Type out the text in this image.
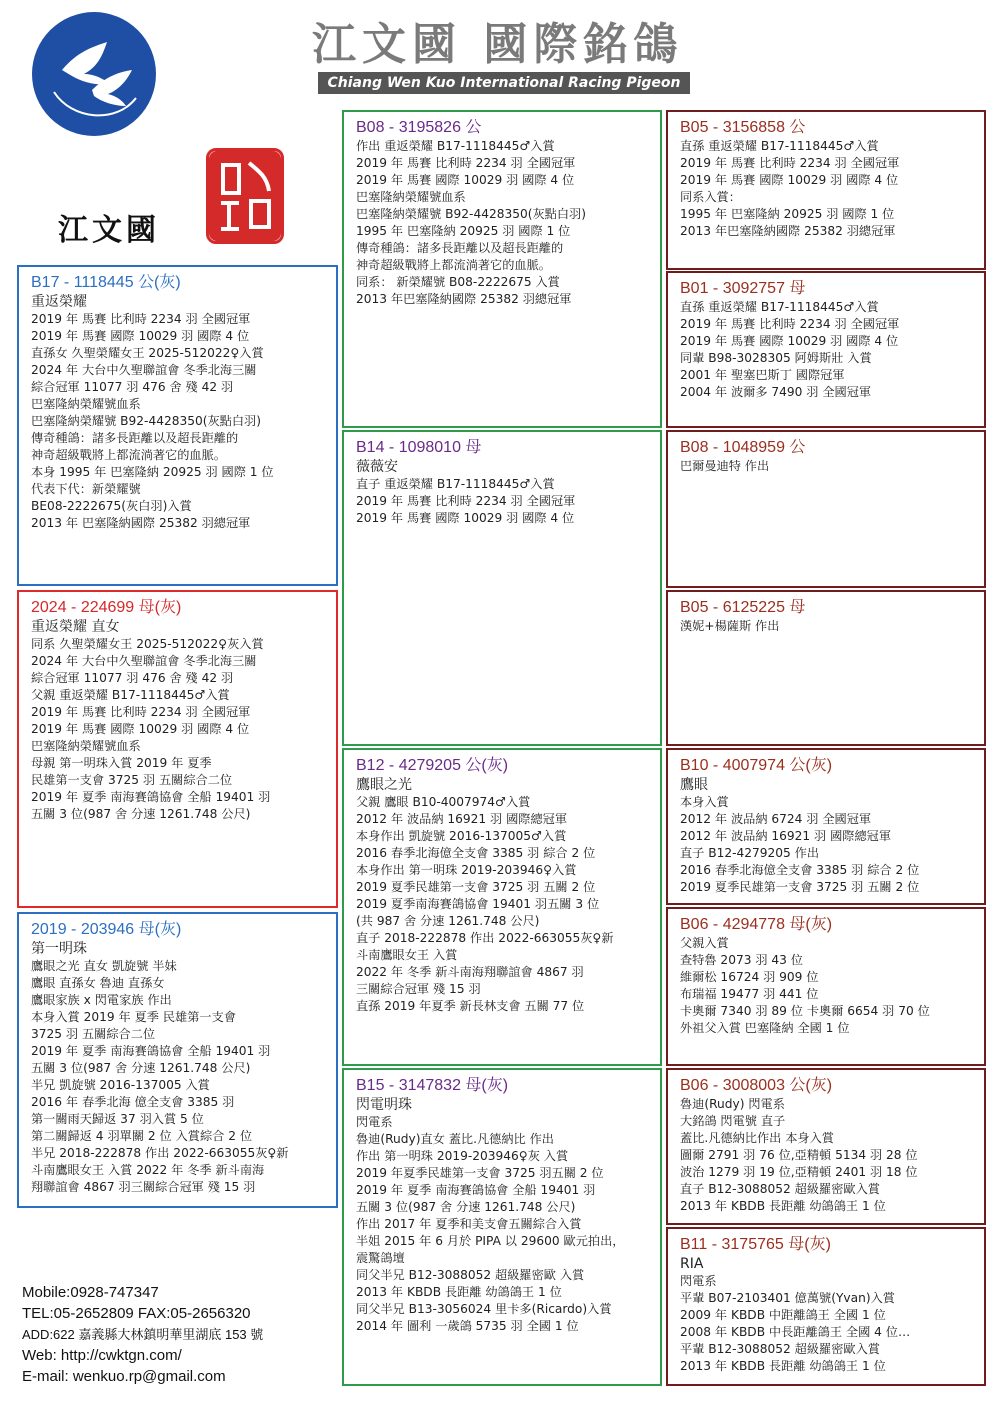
江文國 國際銘鴿
Chiang Wen Kuo International Racing Pigeon
江文國
B17 - 1118445 公(灰)
重返榮耀
2019 年 馬賽 比利時 2234 羽 全國冠軍
2019 年 馬賽 國際 10029 羽 國際 4 位
直孫女 久聖榮耀女王 2025-512022♀入賞
2024 年 大台中久聖聯誼會 冬季北海三關
綜合冠軍 11077 羽 476 舍 殘 42 羽
巴塞隆納榮耀號血系
巴塞隆納榮耀號 B92-4428350(灰點白羽)
傳奇種鴿：諸多長距離以及超長距離的
神奇超級戰將上都流淌著它的血脈。
本身 1995 年 巴塞隆納 20925 羽 國際 1 位
代表下代：新榮耀號
BE08-2222675(灰白羽)入賞
2013 年 巴塞隆納國際 25382 羽總冠軍
2024 - 224699 母(灰)
重返榮耀 直女
同系 久聖榮耀女王 2025-512022♀灰入賞
2024 年 大台中久聖聯誼會 冬季北海三關
綜合冠軍 11077 羽 476 舍 殘 42 羽
父親 重返榮耀 B17-1118445♂入賞
2019 年 馬賽 比利時 2234 羽 全國冠軍
2019 年 馬賽 國際 10029 羽 國際 4 位
巴塞隆納榮耀號血系
母親 第一明珠入賞 2019 年 夏季
民雄第一支會 3725 羽 五關綜合二位
2019 年 夏季 南海賽鴿協會 全船 19401 羽
五關 3 位(987 舍 分速 1261.748 公尺)
2019 - 203946 母(灰)
第一明珠
鷹眼之光 直女 凱旋號 半妹
鷹眼 直孫女 魯迪 直孫女
鷹眼家族 x 閃電家族 作出
本身入賞 2019 年 夏季 民雄第一支會
3725 羽 五關綜合二位
2019 年 夏季 南海賽鴿協會 全船 19401 羽
五關 3 位(987 舍 分速 1261.748 公尺)
半兄 凱旋號 2016-137005 入賞
2016 年 春季北海 億全支會 3385 羽
第一關雨天歸返 37 羽入賞 5 位
第二關歸返 4 羽單關 2 位 入賞綜合 2 位
半兄 2018-222878 作出 2022-663055灰♀新
斗南鷹眼女王 入賞 2022 年 冬季 新斗南海
翔聯誼會 4867 羽三關綜合冠軍 殘 15 羽
Mobile:0928-747347
TEL:05-2652809 FAX:05-2656320
ADD:622 嘉義縣大林鎮明華里湖底 153 號
Web: http://cwktgn.com/
E-mail: wenkuo.rp@gmail.com
B08 - 3195826 公
作出 重返榮耀 B17-1118445♂入賞
2019 年 馬賽 比利時 2234 羽 全國冠軍
2019 年 馬賽 國際 10029 羽 國際 4 位
巴塞隆納榮耀號血系
巴塞隆納榮耀號 B92-4428350(灰點白羽)
1995 年 巴塞隆納 20925 羽 國際 1 位
傳奇種鴿：諸多長距離以及超長距離的
神奇超級戰將上都流淌著它的血脈。
同系： 新榮耀號 B08-2222675 入賞
2013 年巴塞隆納國際 25382 羽總冠軍
B14 - 1098010 母
薇薇安
直子 重返榮耀 B17-1118445♂入賞
2019 年 馬賽 比利時 2234 羽 全國冠軍
2019 年 馬賽 國際 10029 羽 國際 4 位
B12 - 4279205 公(灰)
鷹眼之光
父親 鷹眼 B10-4007974♂入賞
2012 年 波品納 16921 羽 國際總冠軍
本身作出 凱旋號 2016-137005♂入賞
2016 春季北海億全支會 3385 羽 綜合 2 位
本身作出 第一明珠 2019-203946♀入賞
2019 夏季民雄第一支會 3725 羽 五關 2 位
2019 夏季南海賽鴿協會 19401 羽五關 3 位
(共 987 舍 分速 1261.748 公尺)
直子 2018-222878 作出 2022-663055灰♀新
斗南鷹眼女王 入賞
2022 年 冬季 新斗南海翔聯誼會 4867 羽
三關綜合冠軍 殘 15 羽
直孫 2019 年夏季 新長林支會 五關 77 位
B15 - 3147832 母(灰)
閃電明珠
閃電系
魯迪(Rudy)直女 蓋比.凡德納比 作出
作出 第一明珠 2019-203946♀灰 入賞
2019 年夏季民雄第一支會 3725 羽五關 2 位
2019 年 夏季 南海賽鴿協會 全船 19401 羽
五關 3 位(987 舍 分速 1261.748 公尺)
作出 2017 年 夏季和美支會五關綜合入賞
半姐 2015 年 6 月於 PIPA 以 29600 歐元拍出，
震驚鴿壇
同父半兄 B12-3088052 超級羅密歐 入賞
2013 年 KBDB 長距離 幼鴿鴿王 1 位
同父半兄 B13-3056024 里卡多(Ricardo)入賞
2014 年 圖利 一歲鴿 5735 羽 全國 1 位
B05 - 3156858 公
直孫 重返榮耀 B17-1118445♂入賞
2019 年 馬賽 比利時 2234 羽 全國冠軍
2019 年 馬賽 國際 10029 羽 國際 4 位
同系入賞：
1995 年 巴塞隆納 20925 羽 國際 1 位
2013 年巴塞隆納國際 25382 羽總冠軍
B01 - 3092757 母
直孫 重返榮耀 B17-1118445♂入賞
2019 年 馬賽 比利時 2234 羽 全國冠軍
2019 年 馬賽 國際 10029 羽 國際 4 位
同輩 B98-3028305 阿姆斯壯 入賞
2001 年 聖塞巴斯丁 國際冠軍
2004 年 波爾多 7490 羽 全國冠軍
B08 - 1048959 公
巴爾曼迪特 作出
B05 - 6125225 母
漢妮+楊薩斯 作出
B10 - 4007974 公(灰)
鷹眼
本身入賞
2012 年 波品納 6724 羽 全國冠軍
2012 年 波品納 16921 羽 國際總冠軍
直子 B12-4279205 作出
2016 春季北海億全支會 3385 羽 綜合 2 位
2019 夏季民雄第一支會 3725 羽 五關 2 位
B06 - 4294778 母(灰)
父親入賞
查特魯 2073 羽 43 位
維爾松 16724 羽 909 位
布瑞福 19477 羽 441 位
卡奧爾 7340 羽 89 位 卡奧爾 6654 羽 70 位
外祖父入賞 巴塞隆納 全國 1 位
B06 - 3008003 公(灰)
魯迪(Rudy) 閃電系
大銘鴿 閃電號 直子
蓋比.凡德納比作出 本身入賞
圖爾 2791 羽 76 位,亞精頓 5134 羽 28 位
波治 1279 羽 19 位,亞精頓 2401 羽 18 位
直子 B12-3088052 超級羅密歐入賞
2013 年 KBDB 長距離 幼鴿鴿王 1 位
B11 - 3175765 母(灰)
RIA
閃電系
平輩 B07-2103401 億萬號(Yvan)入賞
2009 年 KBDB 中距離鴿王 全國 1 位
2008 年 KBDB 中長距離鴿王 全國 4 位…
平輩 B12-3088052 超級羅密歐入賞
2013 年 KBDB 長距離 幼鴿鴿王 1 位
